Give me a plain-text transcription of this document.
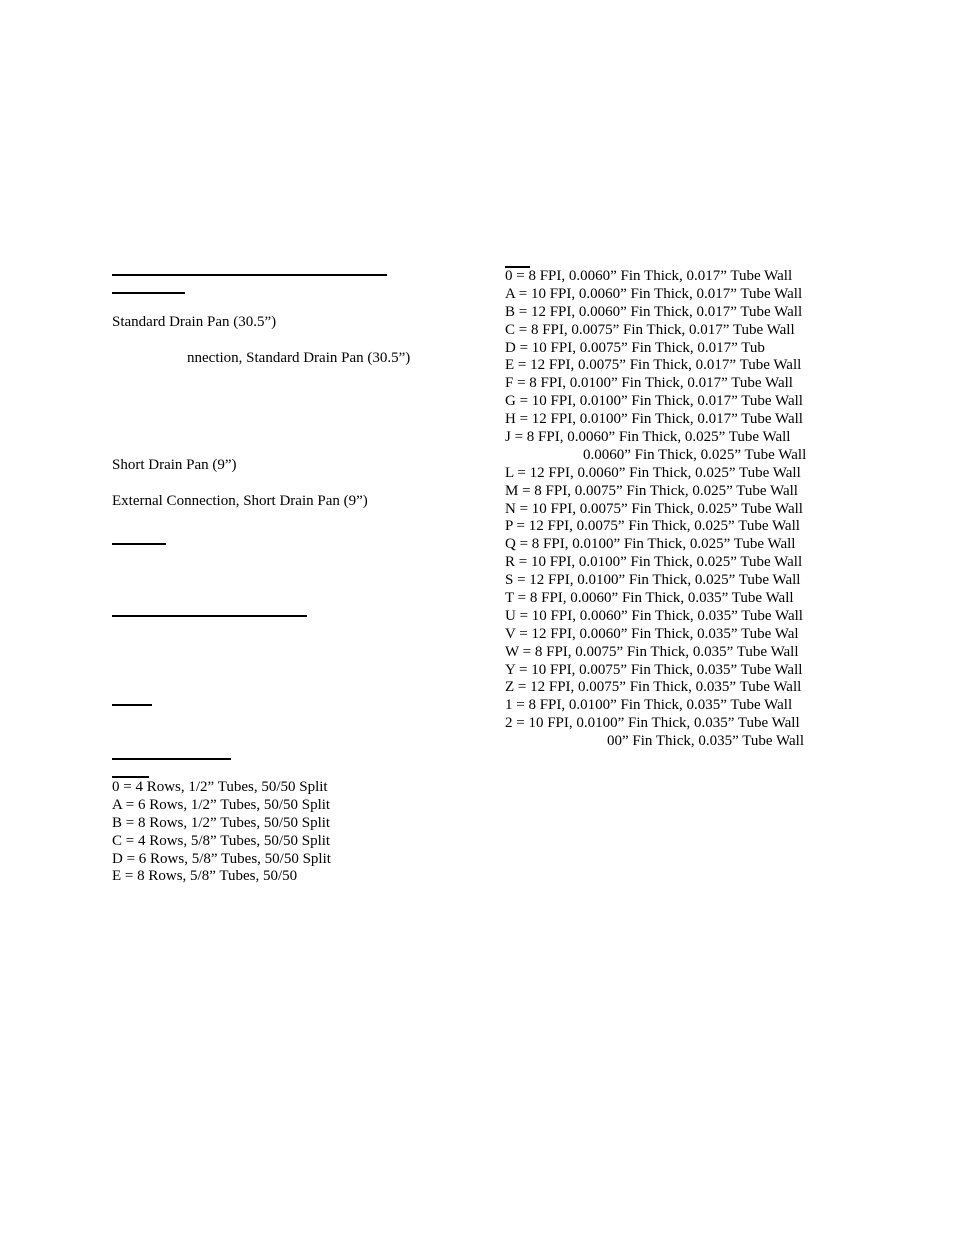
Standard Drain Pan (30.5”)
nnection, Standard Drain Pan (30.5”)
Short Drain Pan (9”)
External Connection, Short Drain Pan (9”)
0 = 4 Rows, 1/2” Tubes, 50/50 Split
A = 6 Rows, 1/2” Tubes, 50/50 Split
B = 8 Rows, 1/2” Tubes, 50/50 Split
C = 4 Rows, 5/8” Tubes, 50/50 Split
D = 6 Rows, 5/8” Tubes, 50/50 Split
E = 8 Rows, 5/8” Tubes, 50/50
0 = 8 FPI, 0.0060” Fin Thick, 0.017” Tube Wall
A = 10 FPI, 0.0060” Fin Thick, 0.017” Tube Wall
B = 12 FPI, 0.0060” Fin Thick, 0.017” Tube Wall
C = 8 FPI, 0.0075” Fin Thick, 0.017” Tube Wall
D = 10 FPI, 0.0075” Fin Thick, 0.017” Tub
E = 12 FPI, 0.0075” Fin Thick, 0.017” Tube Wall
F = 8 FPI, 0.0100” Fin Thick, 0.017” Tube Wall
G = 10 FPI, 0.0100” Fin Thick, 0.017” Tube Wall
H = 12 FPI, 0.0100” Fin Thick, 0.017” Tube Wall
J = 8 FPI, 0.0060” Fin Thick, 0.025” Tube Wall
0.0060” Fin Thick, 0.025” Tube Wall
L = 12 FPI, 0.0060” Fin Thick, 0.025” Tube Wall
M = 8 FPI, 0.0075” Fin Thick, 0.025” Tube Wall
N = 10 FPI, 0.0075” Fin Thick, 0.025” Tube Wall
P = 12 FPI, 0.0075” Fin Thick, 0.025” Tube Wall
Q = 8 FPI, 0.0100” Fin Thick, 0.025” Tube Wall
R = 10 FPI, 0.0100” Fin Thick, 0.025” Tube Wall
S = 12 FPI, 0.0100” Fin Thick, 0.025” Tube Wall
T = 8 FPI, 0.0060” Fin Thick, 0.035” Tube Wall
U = 10 FPI, 0.0060” Fin Thick, 0.035” Tube Wall
V = 12 FPI, 0.0060” Fin Thick, 0.035” Tube Wal
W = 8 FPI, 0.0075” Fin Thick, 0.035” Tube Wall
Y = 10 FPI, 0.0075” Fin Thick, 0.035” Tube Wall
Z = 12 FPI, 0.0075” Fin Thick, 0.035” Tube Wall
1 = 8 FPI, 0.0100” Fin Thick, 0.035” Tube Wall
2 = 10 FPI, 0.0100” Fin Thick, 0.035” Tube Wall
00” Fin Thick, 0.035” Tube Wall
